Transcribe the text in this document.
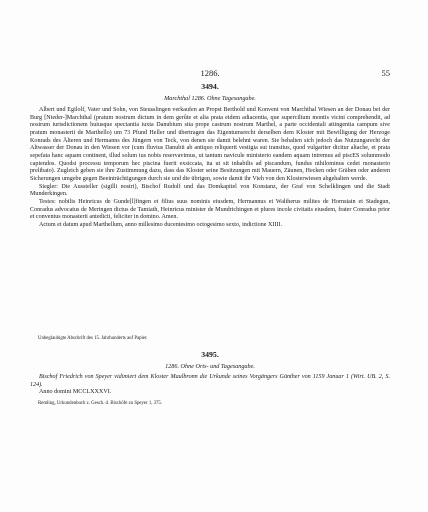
1286.	55
3494.
Marchthal 1286. Ohne Tagesangabe.

Albert und Egilolf, Vater und Sohn, von Steusslingen verkaufen an Propst Berthold und Konvent von Marchthal Wiesen an der Donau bei der Burg [Nieder-]Marchthal (pratum nostrum dictum in dem gerûte et alia prata eidem adiacentia, que supercilium montis vicini comprehendit, ad nostrum iurisdictionem huiusque spectantia iuxta Danubium sita prope castrum nostrum Marthel, a parte occidentali attingentia campum sive pratum monasterii de Marthello) um 73 Pfund Heller und übertragen das Eigentumsrecht derselben dem Kloster mit Bewilligung der Herzoge Konrads des Älteren und Hermanns des Jüngern von Teck, von denen sie damit belehnt waren. Sie behalten sich jedoch das Nutzungsrecht der Altwasser der Donau in den Wiesen vor (cum fluvius Danubii ab antiquo reliquerit vestigia sui transitus, quod vulgariter dicitur altache, et prata sepefata hanc aquam continent, illud solum ius nobis reservavimus, ut tantum navicule ministerio eandem aquam intremus ad piscES solummodo capiendos. Quodsi processu temporum hec piscina fuerit exsiccata, ita ut sit inhabilis ad piscandum, fundus nihilominus cedet monasterio prelibato). Zugleich geben sie ihre Zustimmung dazu, dass das Kloster seine Besitzungen mit Mauern, Zäunen, Hecken oder Gräben oder anderen Sicherungen umgebe gegen Beeinträchtigungen durch sie und die übrigen, sowie damit ihr Vieh von den Klosterwiesen abgehalten werde.

Siegler: Die Aussteller (sigilli nostri), Bischof Rudolf und das Domkapitel von Konstanz, der Graf von Schelklingen und die Stadt Munderkingen.

Testes: nobilis Heinricus de Gunde[l]fingen et filius suus nominis eiusdem, Hermannus et Waltherus milites de Hornstain et Stadegun, Conradus advocatus de Meringen dictus de Tamiath, Heinricus minister de Mundrichingen et plures incole civitatis eiusdem, frater Conradus prior et conventus monasterii antedicti, feliciter in domino. Amen.

Actum et datum apud Marthellum, anno millesimo ducentesimo octogesimo sexto, indictione XIIII.

Unbeglaubigte Abschrift des 15. Jahrhunderts auf Papier.
3495.
1286. Ohne Orts- und Tagesangabe.

Bischof Friedrich von Speyer vidimiert dem Kloster Maulbronn die Urkunde seines Vorgängers Günther von 1159 Januar 1 (Wirt. UB. 2, S. 124).

Anno domini MCCLXXXVI.

Remling, Urkundenbuch z. Gesch. d. Bischöfe zu Speyer 1, 375.
